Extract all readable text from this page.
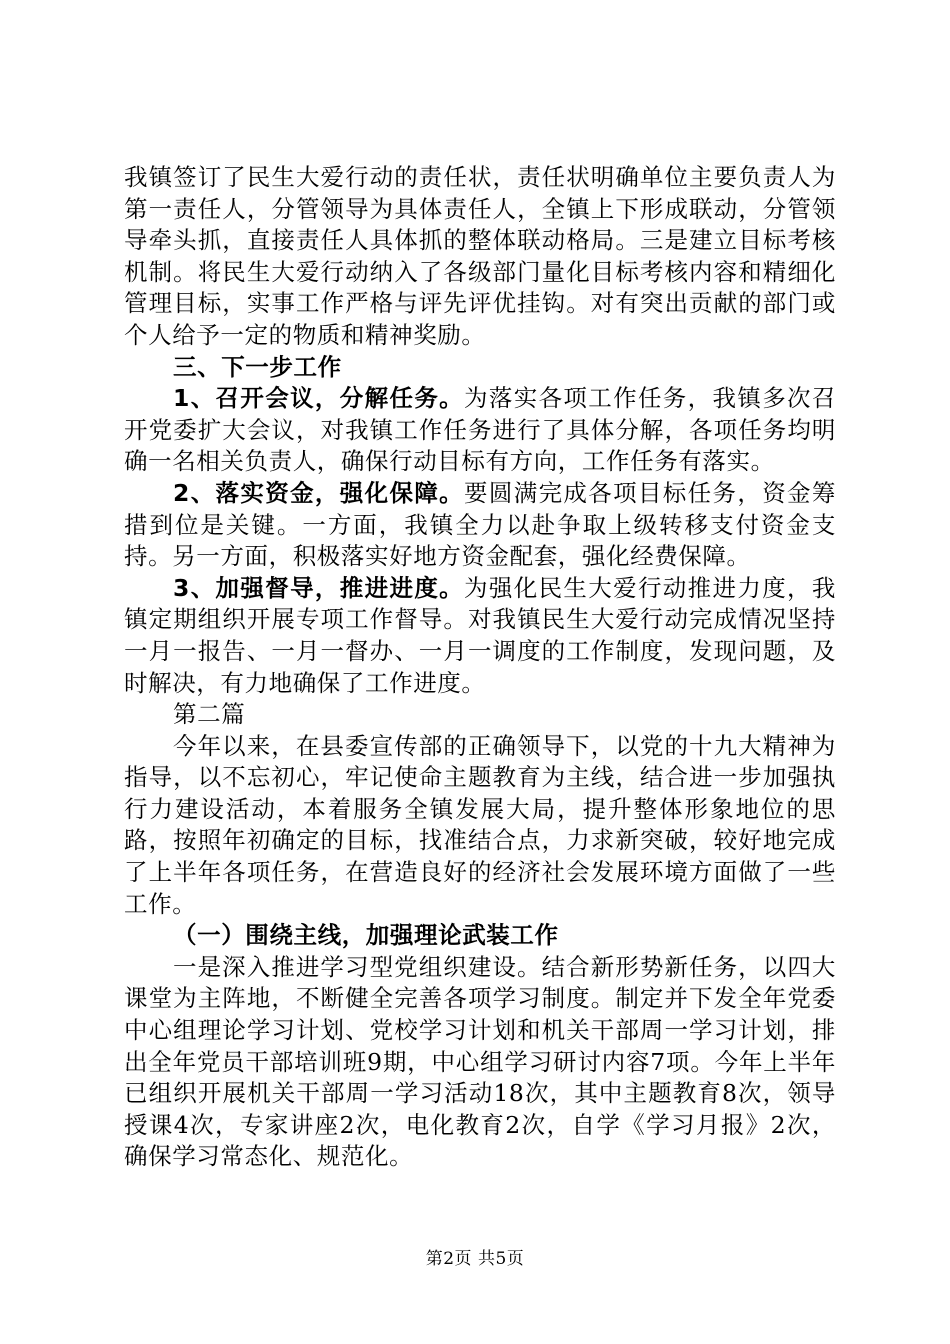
我镇签订了民生大爱行动的责任状，责任状明确单位主要负责人为第一责任人，分管领导为具体责任人，全镇上下形成联动，分管领导牵头抓，直接责任人具体抓的整体联动格局。三是建立目标考核机制。将民生大爱行动纳入了各级部门量化目标考核内容和精细化管理目标，实事工作严格与评先评优挂钩。对有突出贡献的部门或个人给予一定的物质和精神奖励。

三、下一步工作

1、召开会议，分解任务。为落实各项工作任务，我镇多次召开党委扩大会议，对我镇工作任务进行了具体分解，各项任务均明确一名相关负责人，确保行动目标有方向，工作任务有落实。

2、落实资金，强化保障。要圆满完成各项目标任务，资金筹措到位是关键。一方面，我镇全力以赴争取上级转移支付资金支持。另一方面，积极落实好地方资金配套，强化经费保障。

3、加强督导，推进进度。为强化民生大爱行动推进力度，我镇定期组织开展专项工作督导。对我镇民生大爱行动完成情况坚持一月一报告、一月一督办、一月一调度的工作制度，发现问题，及时解决，有力地确保了工作进度。

第二篇

今年以来，在县委宣传部的正确领导下，以党的十九大精神为指导，以不忘初心，牢记使命主题教育为主线，结合进一步加强执行力建设活动，本着服务全镇发展大局，提升整体形象地位的思路，按照年初确定的目标，找准结合点，力求新突破，较好地完成了上半年各项任务，在营造良好的经济社会发展环境方面做了一些工作。

（一）围绕主线，加强理论武装工作

一是深入推进学习型党组织建设。结合新形势新任务，以四大课堂为主阵地，不断健全完善各项学习制度。制定并下发全年党委中心组理论学习计划、党校学习计划和机关干部周一学习计划，排出全年党员干部培训班9期，中心组学习研讨内容7项。今年上半年已组织开展机关干部周一学习活动18次，其中主题教育8次，领导授课4次，专家讲座2次，电化教育2次，自学《学习月报》2次，确保学习常态化、规范化。

第2页 共5页
